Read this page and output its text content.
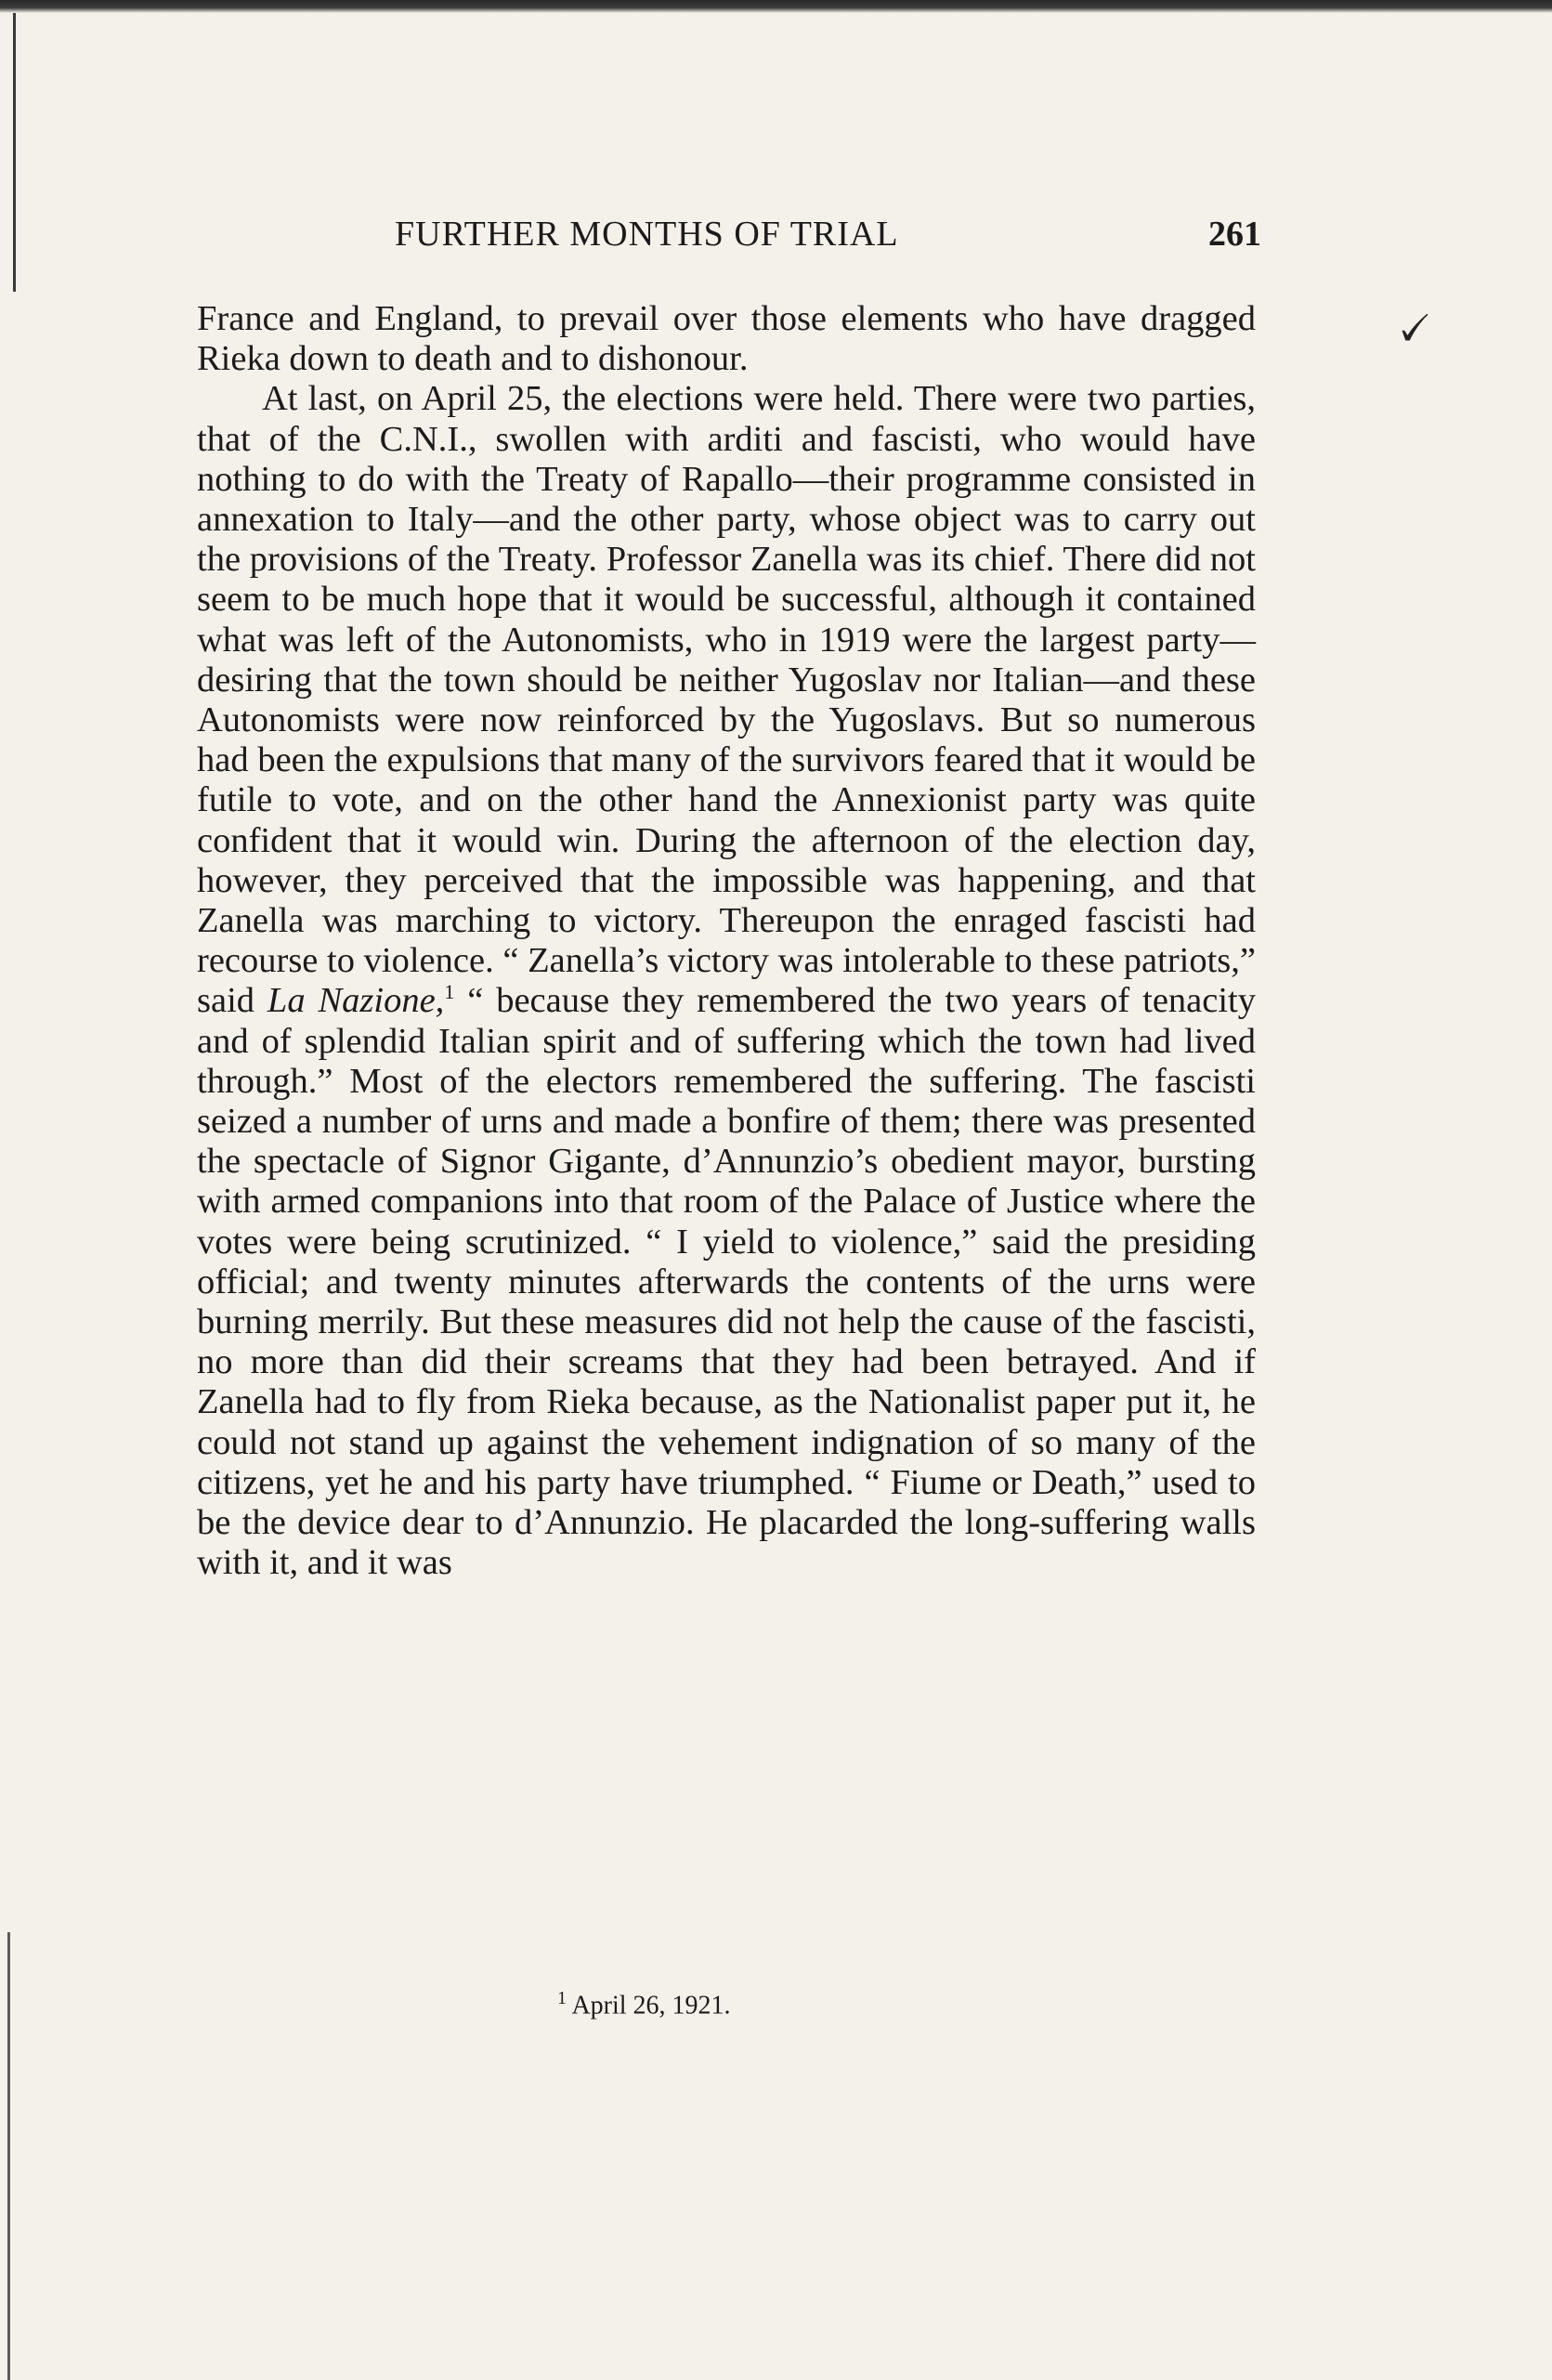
🗸
FURTHER MONTHS OF TRIAL	261

France and England, to prevail over those elements who have dragged Rieka down to death and to dishonour.

At last, on April 25, the elections were held. There were two parties, that of the C.N.I., swollen with arditi and fascisti, who would have nothing to do with the Treaty of Rapallo—their programme consisted in annexation to Italy—and the other party, whose object was to carry out the provisions of the Treaty. Professor Zanella was its chief. There did not seem to be much hope that it would be successful, although it contained what was left of the Autonomists, who in 1919 were the largest party—desiring that the town should be neither Yugoslav nor Italian—and these Autonomists were now reinforced by the Yugoslavs. But so numerous had been the expulsions that many of the survivors feared that it would be futile to vote, and on the other hand the Annexionist party was quite confident that it would win. During the afternoon of the election day, however, they perceived that the impossible was happening, and that Zanella was marching to victory. Thereupon the enraged fascisti had recourse to violence. “ Zanella’s victory was intolerable to these patriots,” said La Nazione,$^1$ “ because they remembered the two years of tenacity and of splendid Italian spirit and of suffering which the town had lived through.” Most of the electors remembered the suffering. The fascisti seized a number of urns and made a bonfire of them; there was presented the spectacle of Signor Gigante, d’Annunzio’s obedient mayor, bursting with armed companions into that room of the Palace of Justice where the votes were being scrutinized. “ I yield to violence,” said the presiding official; and twenty minutes afterwards the contents of the urns were burning merrily. But these measures did not help the cause of the fascisti, no more than did their screams that they had been betrayed. And if Zanella had to fly from Rieka because, as the Nationalist paper put it, he could not stand up against the vehement indignation of so many of the citizens, yet he and his party have triumphed. “ Fiume or Death,” used to be the device dear to d’Annunzio. He placarded the long-suffering walls with it, and it was

$^1$ April 26, 1921.
